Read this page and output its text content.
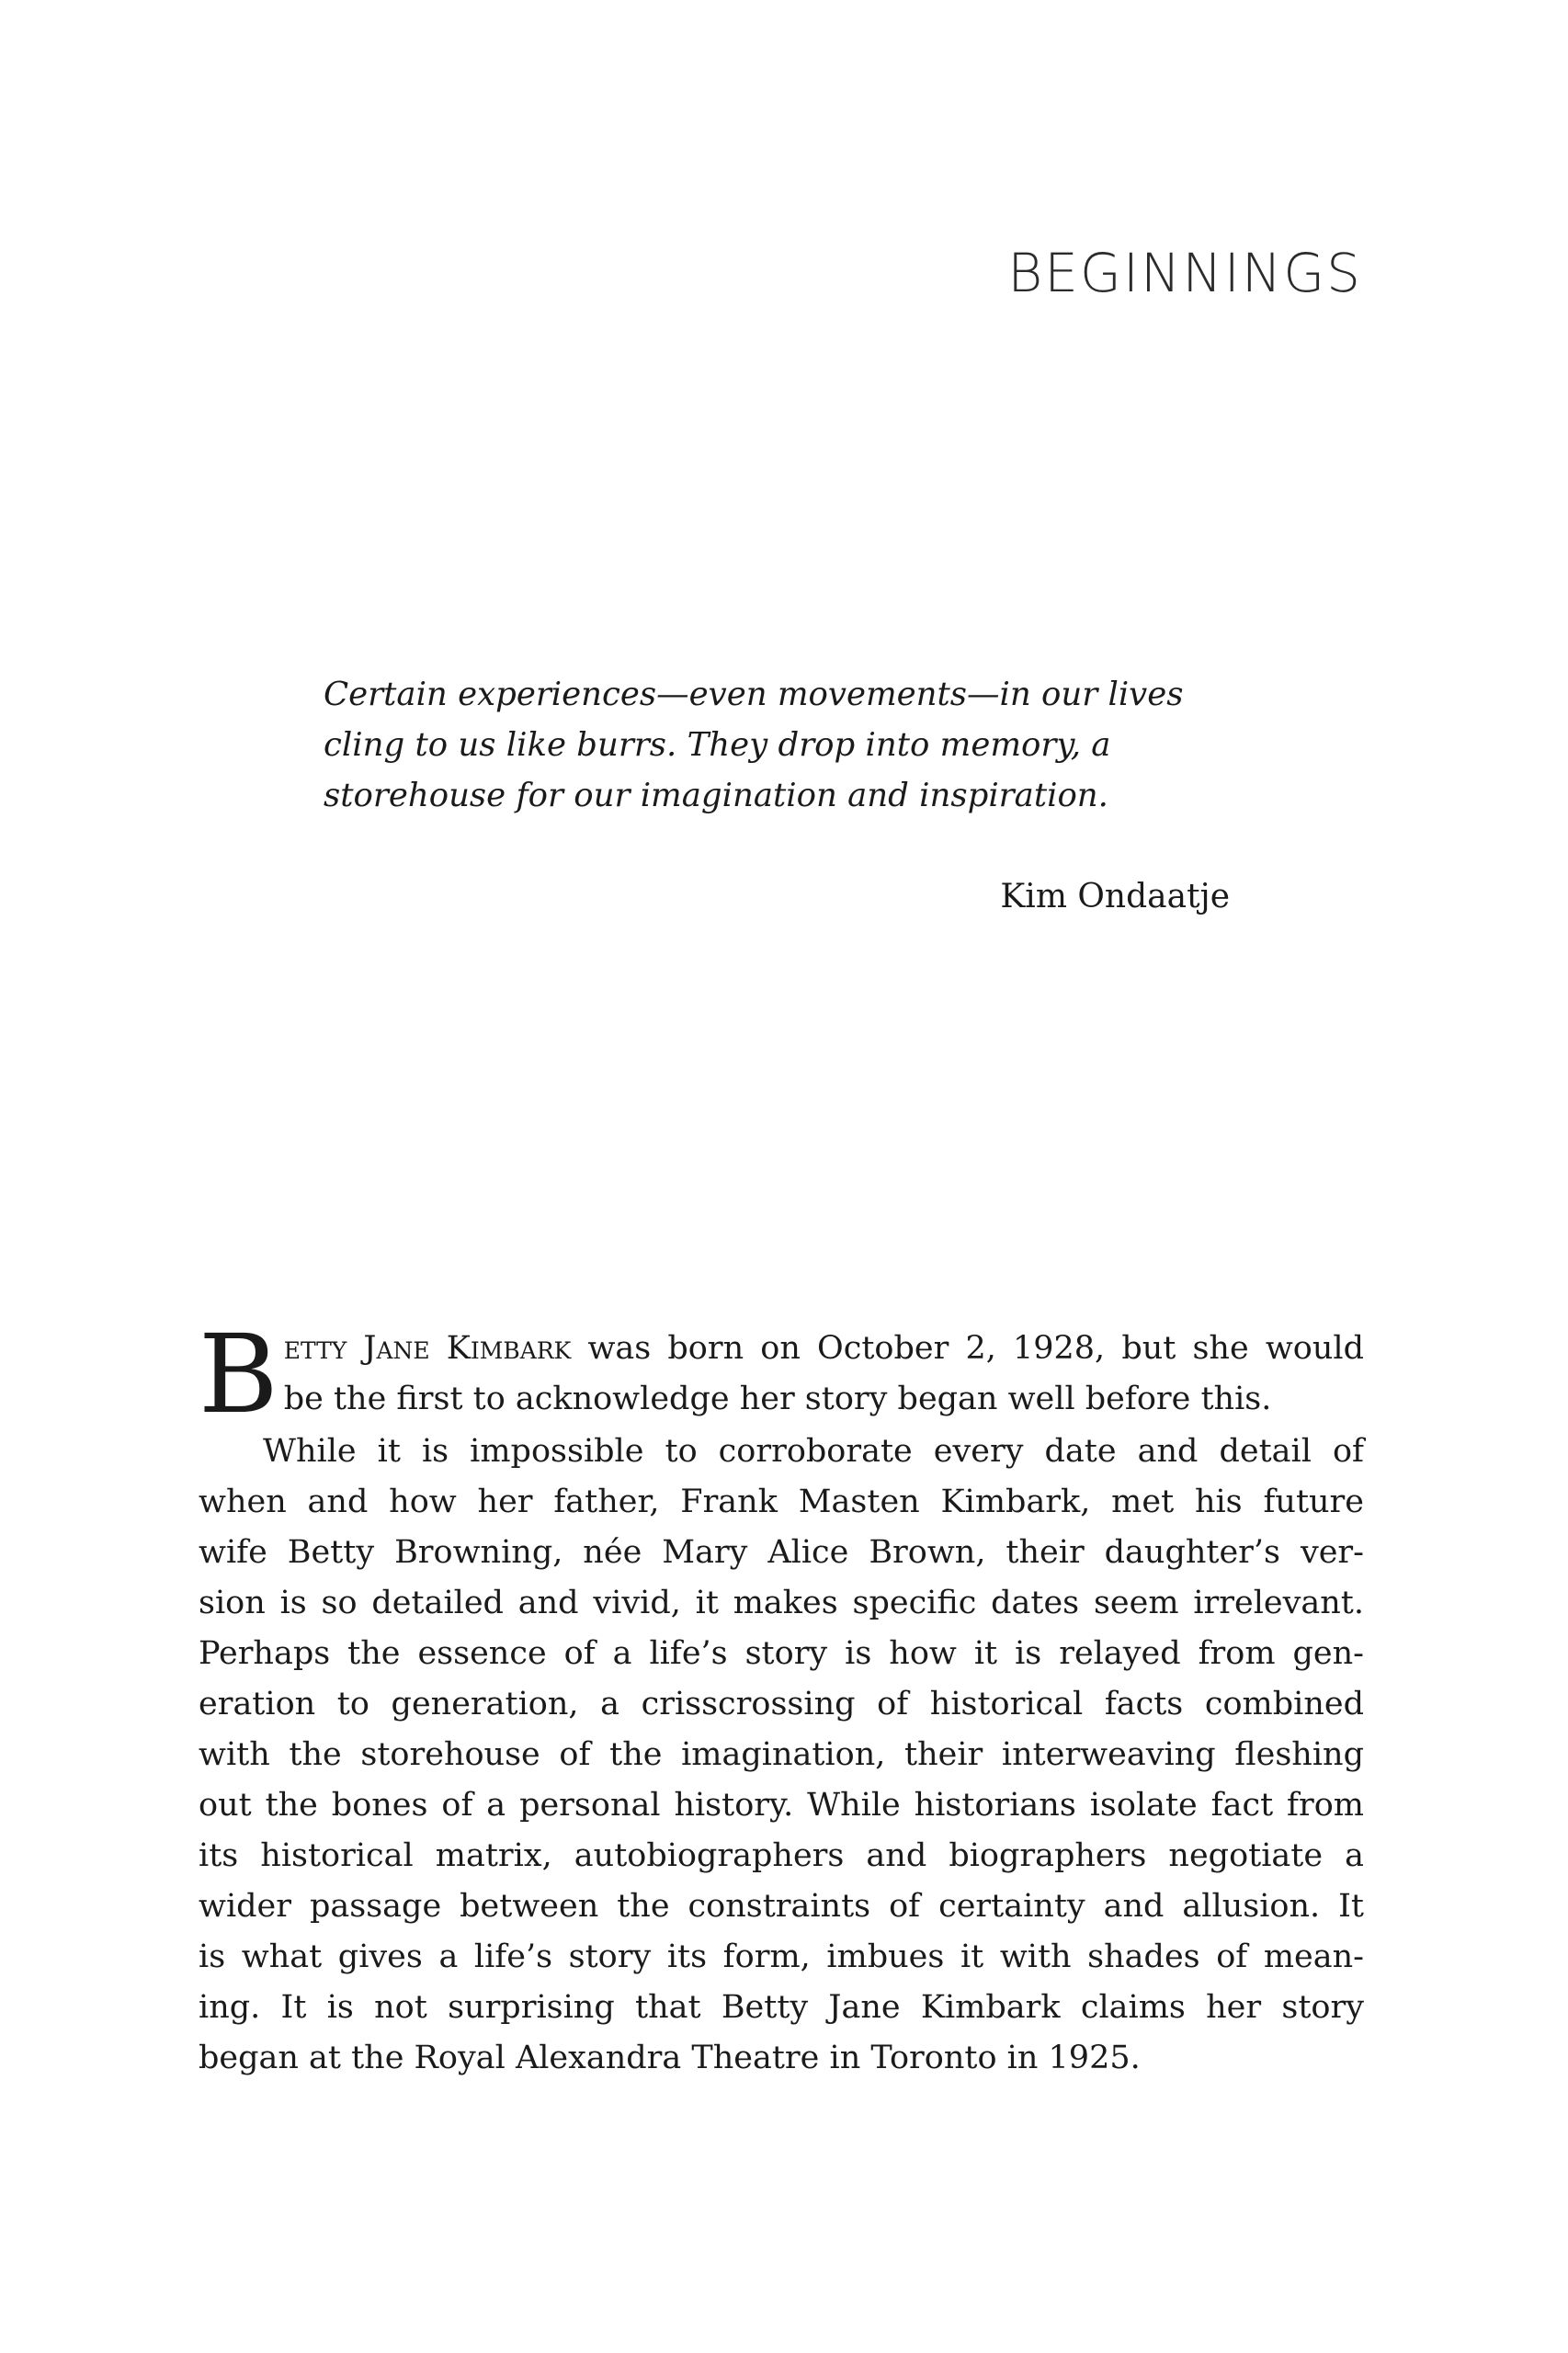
BEGINNINGS

Certain experiences—even movements—in our lives
cling to us like burrs. They drop into memory, a
storehouse for our imagination and inspiration.

Kim Ondaatje

B etty Jane Kimbark was born on October 2, 1928, but she would
be the first to acknowledge her story began well before this.
While it is impossible to corroborate every date and detail of
when and how her father, Frank Masten Kimbark, met his future
wife Betty Browning, née Mary Alice Brown, their daughter’s ver-
sion is so detailed and vivid, it makes specific dates seem irrelevant.
Perhaps the essence of a life’s story is how it is relayed from gen-
eration to generation, a crisscrossing of historical facts combined
with the storehouse of the imagination, their interweaving fleshing
out the bones of a personal history. While historians isolate fact from
its historical matrix, autobiographers and biographers negotiate a
wider passage between the constraints of certainty and allusion. It
is what gives a life’s story its form, imbues it with shades of mean-
ing. It is not surprising that Betty Jane Kimbark claims her story
began at the Royal Alexandra Theatre in Toronto in 1925.
